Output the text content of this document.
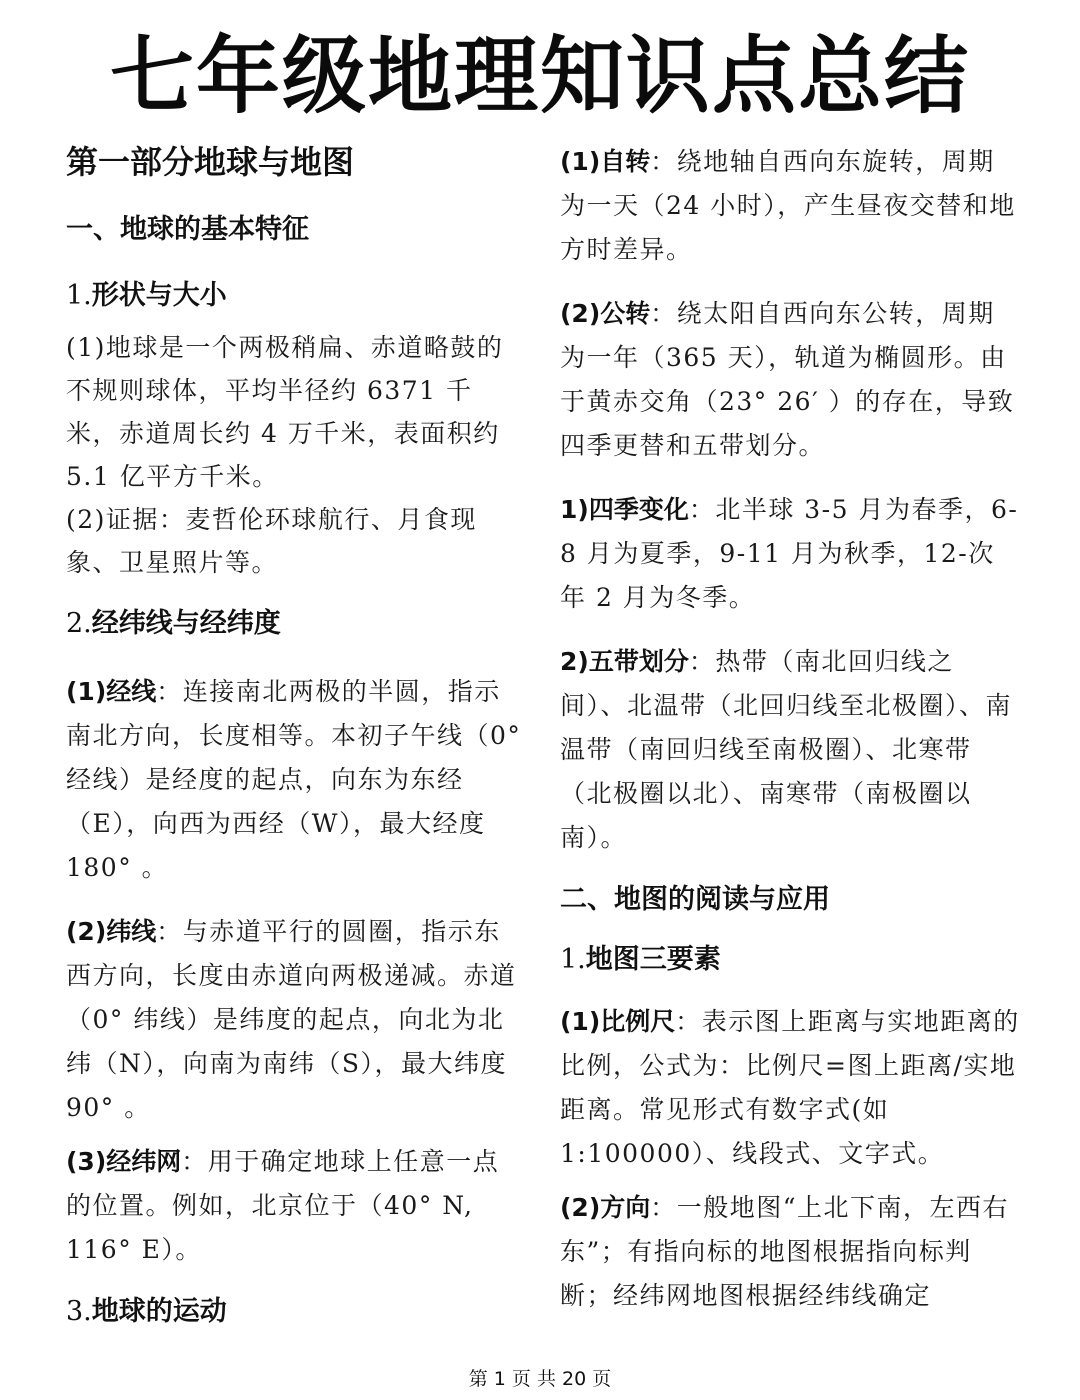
七年级地理知识点总结
第一部分地球与地图
一、地球的基本特征
1.形状与大小

(1)地球是一个两极稍扁、赤道略鼓的不规则球体，平均半径约 6371 千米，赤道周长约 4 万千米，表面积约 5.1 亿平方千米。

(2)证据：麦哲伦环球航行、月食现象、卫星照片等。

2.经纬线与经纬度

(1)经线：连接南北两极的半圆，指示南北方向，长度相等。本初子午线（0° 经线）是经度的起点，向东为东经（E），向西为西经（W），最大经度 180° 。

(2)纬线：与赤道平行的圆圈，指示东西方向，长度由赤道向两极递减。赤道（0° 纬线）是纬度的起点，向北为北纬（N），向南为南纬（S），最大纬度 90° 。

(3)经纬网：用于确定地球上任意一点的位置。例如，北京位于（40° N, 116° E）。

3.地球的运动

(1)自转：绕地轴自西向东旋转，周期为一天（24 小时），产生昼夜交替和地方时差异。

(2)公转：绕太阳自西向东公转，周期为一年（365 天），轨道为椭圆形。由于黄赤交角（23° 26′ ）的存在，导致四季更替和五带划分。

1)四季变化：北半球 3-5 月为春季，6-8 月为夏季，9-11 月为秋季，12-次年 2 月为冬季。

2)五带划分：热带（南北回归线之间）、北温带（北回归线至北极圈）、南温带（南回归线至南极圈）、北寒带（北极圈以北）、南寒带（南极圈以南）。

二、地图的阅读与应用
1.地图三要素

(1)比例尺：表示图上距离与实地距离的比例，公式为：比例尺=图上距离/实地距离。常见形式有数字式(如 1:100000）、线段式、文字式。

(2)方向：一般地图“上北下南，左西右东”；有指向标的地图根据指向标判断；经纬网地图根据经纬线确定

第 1 页 共 20 页
